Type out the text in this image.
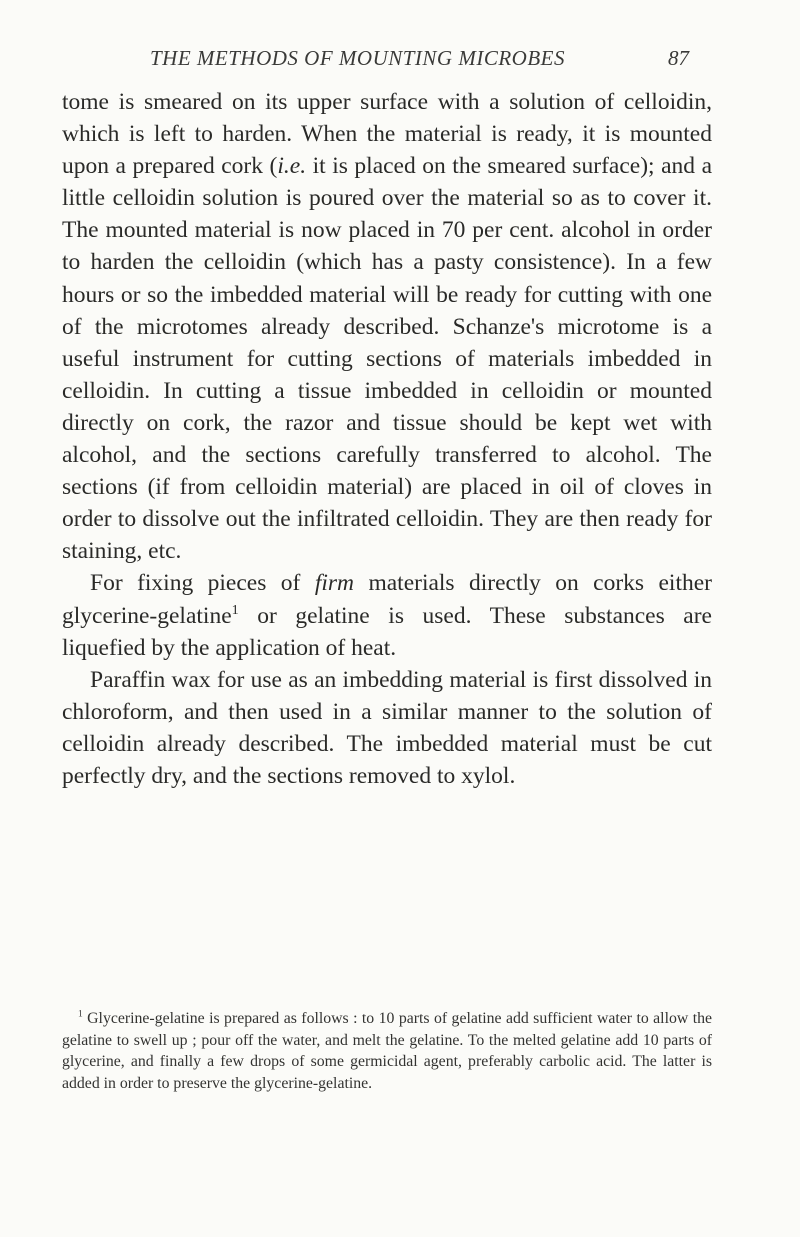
THE METHODS OF MOUNTING MICROBES	87

tome is smeared on its upper surface with a solution of celloidin, which is left to harden. When the material is ready, it is mounted upon a prepared cork (i.e. it is placed on the smeared surface); and a little celloidin solution is poured over the material so as to cover it. The mounted material is now placed in 70 per cent. alcohol in order to harden the celloidin (which has a pasty consistence). In a few hours or so the imbedded material will be ready for cutting with one of the microtomes already described. Schanze's microtome is a useful instrument for cutting sections of materials imbedded in celloidin. In cutting a tissue imbedded in celloidin or mounted directly on cork, the razor and tissue should be kept wet with alcohol, and the sections carefully transferred to alcohol. The sections (if from celloidin material) are placed in oil of cloves in order to dissolve out the infiltrated celloidin. They are then ready for staining, etc.

For fixing pieces of firm materials directly on corks either glycerine-gelatine$^1$ or gelatine is used. These substances are liquefied by the application of heat.

Paraffin wax for use as an imbedding material is first dissolved in chloroform, and then used in a similar manner to the solution of celloidin already described. The imbedded material must be cut perfectly dry, and the sections removed to xylol.

$^1$ Glycerine-gelatine is prepared as follows : to 10 parts of gelatine add sufficient water to allow the gelatine to swell up ; pour off the water, and melt the gelatine. To the melted gelatine add 10 parts of glycerine, and finally a few drops of some germicidal agent, preferably carbolic acid. The latter is added in order to preserve the glycerine-gelatine.
